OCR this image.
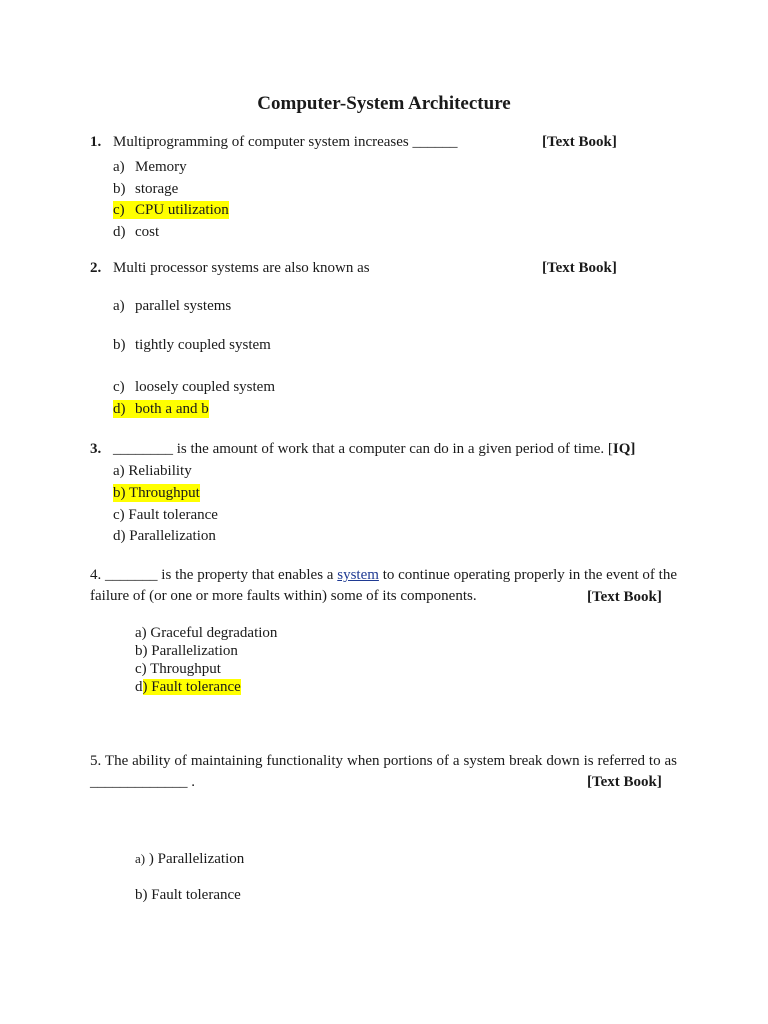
Computer-System Architecture
1. Multiprogramming of computer system increases ______	[Text Book]
a) Memory
b) storage
c) CPU utilization
d) cost
2. Multi processor systems are also known as	[Text Book]
a) parallel systems
b) tightly coupled system
c) loosely coupled system
d) both a and b
3. ________ is the amount of work that a computer can do in a given period of time. [IQ]
a) Reliability
b) Throughput
c) Fault tolerance
d) Parallelization
4. _______ is the property that enables a system to continue operating properly in the event of the failure of (or one or more faults within) some of its components.	[Text Book]
a) Graceful degradation
b) Parallelization
c) Throughput
d) Fault tolerance
5. The ability of maintaining functionality when portions of a system break down is referred to as _____________ .	[Text Book]
a) ) Parallelization
b) Fault tolerance
